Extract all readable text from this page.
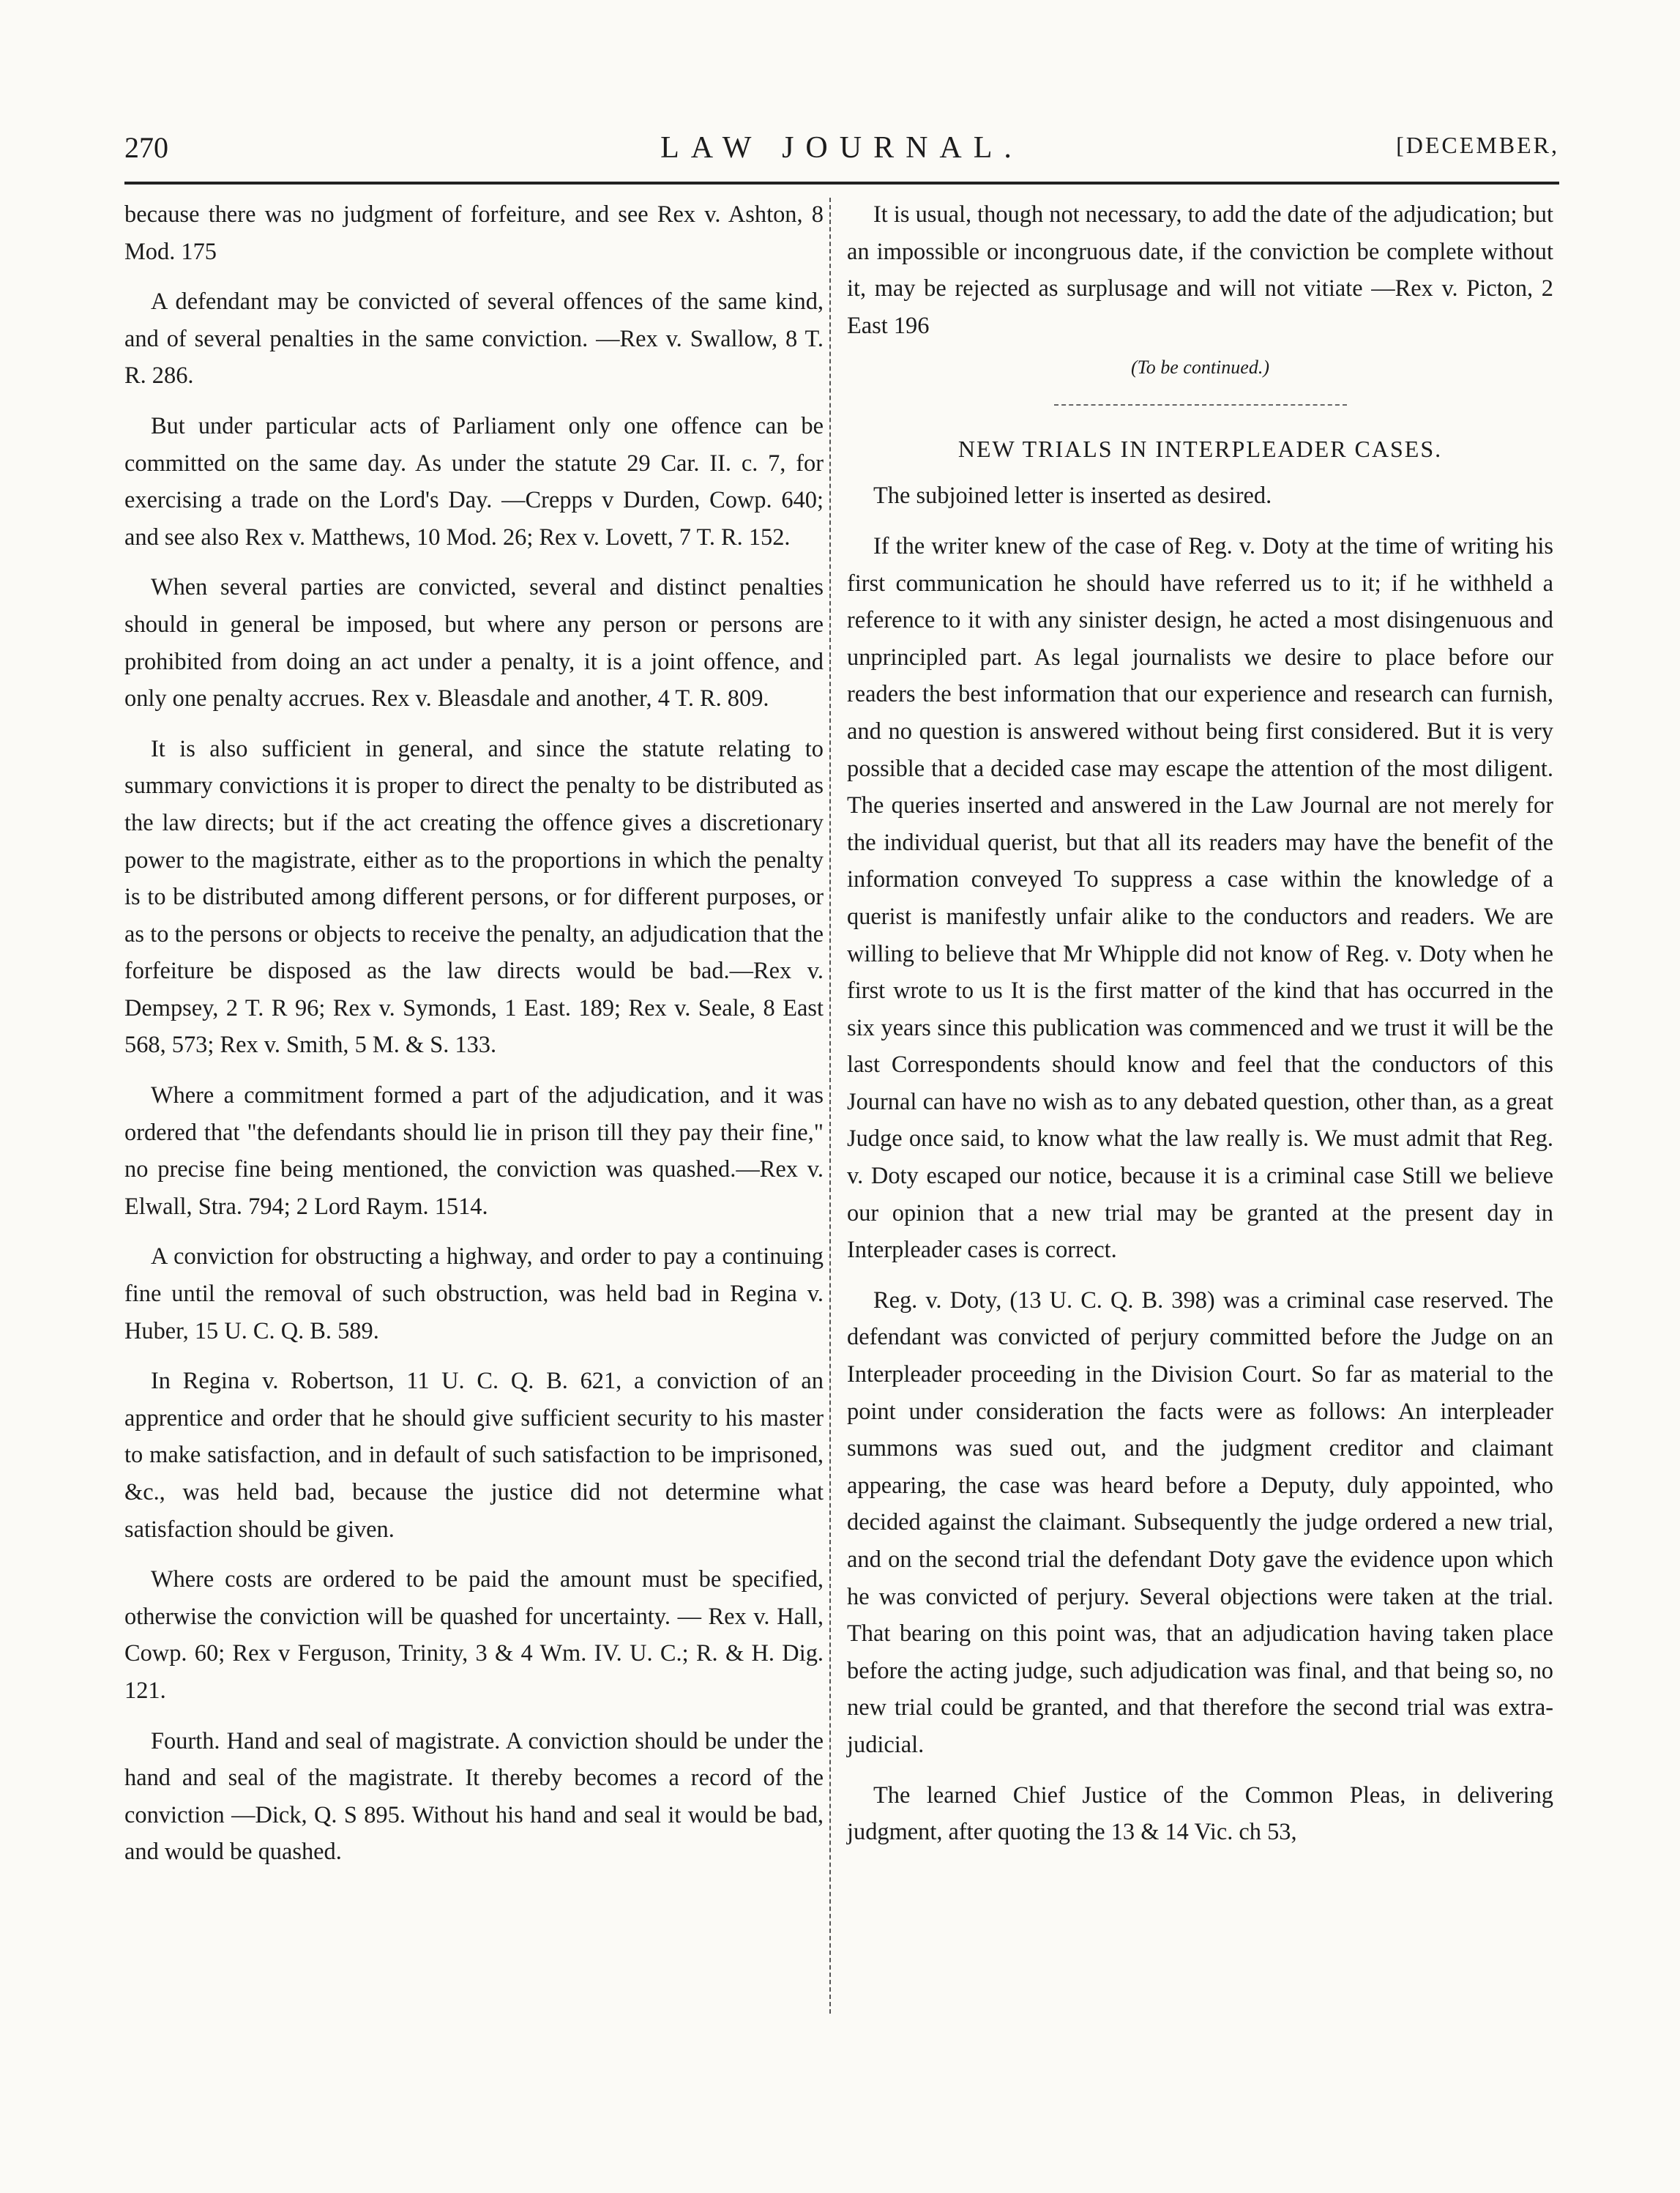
270	LAW JOURNAL.	[DECEMBER,

because there was no judgment of forfeiture, and see Rex v. Ashton, 8 Mod. 175

A defendant may be convicted of several offences of the same kind, and of several penalties in the same conviction. —Rex v. Swallow, 8 T. R. 286.

But under particular acts of Parliament only one offence can be committed on the same day. As under the statute 29 Car. II. c. 7, for exercising a trade on the Lord's Day. —Crepps v Durden, Cowp. 640; and see also Rex v. Matthews, 10 Mod. 26; Rex v. Lovett, 7 T. R. 152.

When several parties are convicted, several and distinct penalties should in general be imposed, but where any person or persons are prohibited from doing an act under a penalty, it is a joint offence, and only one penalty accrues. Rex v. Bleasdale and another, 4 T. R. 809.

It is also sufficient in general, and since the statute relating to summary convictions it is proper to direct the penalty to be distributed as the law directs; but if the act creating the offence gives a discretionary power to the magistrate, either as to the proportions in which the penalty is to be distributed among different persons, or for different purposes, or as to the persons or objects to receive the penalty, an adjudication that the forfeiture be disposed as the law directs would be bad.—Rex v. Dempsey, 2 T. R 96; Rex v. Symonds, 1 East. 189; Rex v. Seale, 8 East 568, 573; Rex v. Smith, 5 M. & S. 133.

Where a commitment formed a part of the adjudication, and it was ordered that "the defendants should lie in prison till they pay their fine," no precise fine being mentioned, the conviction was quashed.—Rex v. Elwall, Stra. 794; 2 Lord Raym. 1514.

A conviction for obstructing a highway, and order to pay a continuing fine until the removal of such obstruction, was held bad in Regina v. Huber, 15 U. C. Q. B. 589.

In Regina v. Robertson, 11 U. C. Q. B. 621, a conviction of an apprentice and order that he should give sufficient security to his master to make satisfaction, and in default of such satisfaction to be imprisoned, &c., was held bad, because the justice did not determine what satisfaction should be given.

Where costs are ordered to be paid the amount must be specified, otherwise the conviction will be quashed for uncertainty. — Rex v. Hall, Cowp. 60; Rex v Ferguson, Trinity, 3 & 4 Wm. IV. U. C.; R. & H. Dig. 121.

Fourth. Hand and seal of magistrate. A conviction should be under the hand and seal of the magistrate. It thereby becomes a record of the conviction —Dick, Q. S 895. Without his hand and seal it would be bad, and would be quashed.

It is usual, though not necessary, to add the date of the adjudication; but an impossible or incongruous date, if the conviction be complete without it, may be rejected as surplusage and will not vitiate —Rex v. Picton, 2 East 196

(To be continued.)
NEW TRIALS IN INTERPLEADER CASES.

The subjoined letter is inserted as desired.

If the writer knew of the case of Reg. v. Doty at the time of writing his first communication he should have referred us to it; if he withheld a reference to it with any sinister design, he acted a most disingenuous and unprincipled part. As legal journalists we desire to place before our readers the best information that our experience and research can furnish, and no question is answered without being first considered. But it is very possible that a decided case may escape the attention of the most diligent. The queries inserted and answered in the Law Journal are not merely for the individual querist, but that all its readers may have the benefit of the information conveyed To suppress a case within the knowledge of a querist is manifestly unfair alike to the conductors and readers. We are willing to believe that Mr Whipple did not know of Reg. v. Doty when he first wrote to us It is the first matter of the kind that has occurred in the six years since this publication was commenced and we trust it will be the last Correspondents should know and feel that the conductors of this Journal can have no wish as to any debated question, other than, as a great Judge once said, to know what the law really is. We must admit that Reg. v. Doty escaped our notice, because it is a criminal case Still we believe our opinion that a new trial may be granted at the present day in Interpleader cases is correct.

Reg. v. Doty, (13 U. C. Q. B. 398) was a criminal case reserved. The defendant was convicted of perjury committed before the Judge on an Interpleader proceeding in the Division Court. So far as material to the point under consideration the facts were as follows: An interpleader summons was sued out, and the judgment creditor and claimant appearing, the case was heard before a Deputy, duly appointed, who decided against the claimant. Subsequently the judge ordered a new trial, and on the second trial the defendant Doty gave the evidence upon which he was convicted of perjury. Several objections were taken at the trial. That bearing on this point was, that an adjudication having taken place before the acting judge, such adjudication was final, and that being so, no new trial could be granted, and that therefore the second trial was extra-judicial.

The learned Chief Justice of the Common Pleas, in delivering judgment, after quoting the 13 & 14 Vic. ch 53,
